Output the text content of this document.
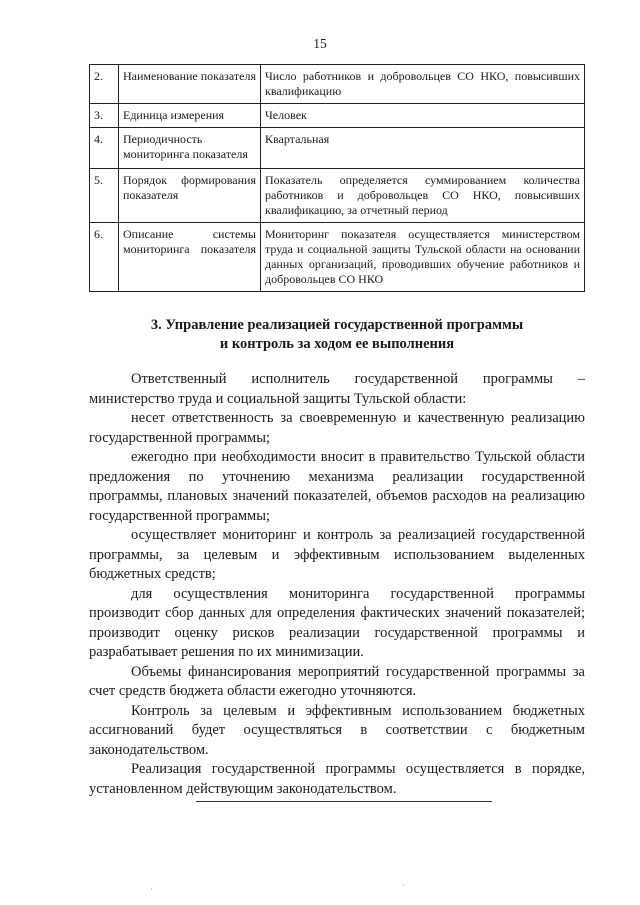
15
2.	Наименование показателя	Число работников и добровольцев СО НКО, повысивших квалификацию
3.	Единица измерения	Человек
4.	Периодичность мониторинга показателя	Квартальная
5.	Порядок формирования показателя	Показатель определяется суммированием количества работников и добровольцев СО НКО, повысивших квалификацию, за отчетный период
6.	Описание системы мониторинга показателя	Мониторинг показателя осуществляется министерством труда и социальной защиты Тульской области на основании данных организаций, проводивших обучение работников и добровольцев СО НКО
3. Управление реализацией государственной программы
и контроль за ходом ее выполнения

Ответственный исполнитель государственной программы – министерство труда и социальной защиты Тульской области:

несет ответственность за своевременную и качественную реализацию государственной программы;

ежегодно при необходимости вносит в правительство Тульской области предложения по уточнению механизма реализации государственной программы, плановых значений показателей, объемов расходов на реализацию государственной программы;

осуществляет мониторинг и контроль за реализацией государственной программы, за целевым и эффективным использованием выделенных бюджетных средств;

для осуществления мониторинга государственной программы производит сбор данных для определения фактических значений показателей; производит оценку рисков реализации государственной программы и разрабатывает решения по их минимизации.

Объемы финансирования мероприятий государственной программы за счет средств бюджета области ежегодно уточняются.

Контроль за целевым и эффективным использованием бюджетных ассигнований будет осуществляться в соответствии с бюджетным законодательством.

Реализация государственной программы осуществляется в порядке, установленном действующим законодательством.

·	·
